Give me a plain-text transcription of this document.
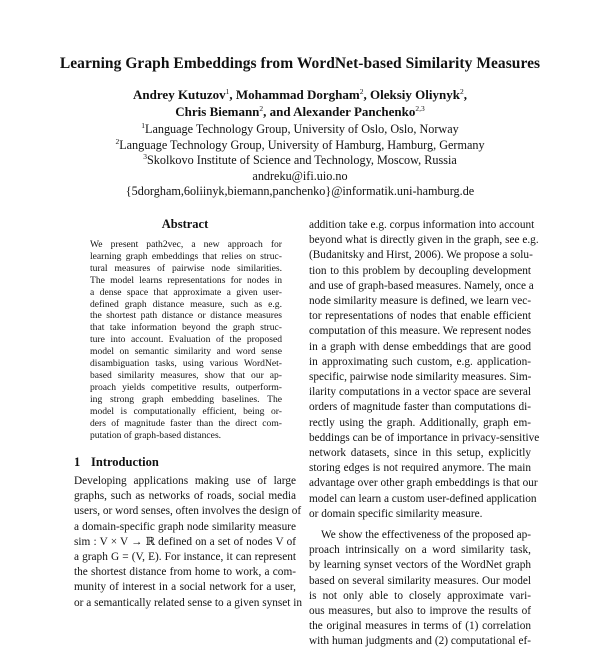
Learning Graph Embeddings from WordNet-based Similarity Measures
Andrey Kutuzov$^1$, Mohammad Dorgham$^2$, Oleksiy Oliynyk$^2$,
Chris Biemann$^2$, and Alexander Panchenko$^{2,3}$
$^1$Language Technology Group, University of Oslo, Oslo, Norway
$^2$Language Technology Group, University of Hamburg, Hamburg, Germany
$^3$Skolkovo Institute of Science and Technology, Moscow, Russia
andreku@ifi.uio.no
{5dorgham,6oliinyk,biemann,panchenko}@informatik.uni-hamburg.de
Abstract
We present path2vec, a new approach for
learning graph embeddings that relies on struc-
tural measures of pairwise node similarities.
The model learns representations for nodes in
a dense space that approximate a given user-
defined graph distance measure, such as e.g.
the shortest path distance or distance measures
that take information beyond the graph struc-
ture into account. Evaluation of the proposed
model on semantic similarity and word sense
disambiguation tasks, using various WordNet-
based similarity measures, show that our ap-
proach yields competitive results, outperform-
ing strong graph embedding baselines. The
model is computationally efficient, being or-
ders of magnitude faster than the direct com-
putation of graph-based distances.
1 Introduction
Developing applications making use of large
graphs, such as networks of roads, social media
users, or word senses, often involves the design of
a domain-specific graph node similarity measure
sim : V × V → ℝ defined on a set of nodes V of
a graph G = (V, E). For instance, it can represent
the shortest distance from home to work, a com-
munity of interest in a social network for a user,
or a semantically related sense to a given synset in
addition take e.g. corpus information into account
beyond what is directly given in the graph, see e.g.
(Budanitsky and Hirst, 2006). We propose a solu-
tion to this problem by decoupling development
and use of graph-based measures. Namely, once a
node similarity measure is defined, we learn vec-
tor representations of nodes that enable efficient
computation of this measure. We represent nodes
in a graph with dense embeddings that are good
in approximating such custom, e.g. application-
specific, pairwise node similarity measures. Sim-
ilarity computations in a vector space are several
orders of magnitude faster than computations di-
rectly using the graph. Additionally, graph em-
beddings can be of importance in privacy-sensitive
network datasets, since in this setup, explicitly
storing edges is not required anymore. The main
advantage over other graph embeddings is that our
model can learn a custom user-defined application
or domain specific similarity measure.
We show the effectiveness of the proposed ap-
proach intrinsically on a word similarity task,
by learning synset vectors of the WordNet graph
based on several similarity measures. Our model
is not only able to closely approximate vari-
ous measures, but also to improve the results of
the original measures in terms of (1) correlation
with human judgments and (2) computational ef-
